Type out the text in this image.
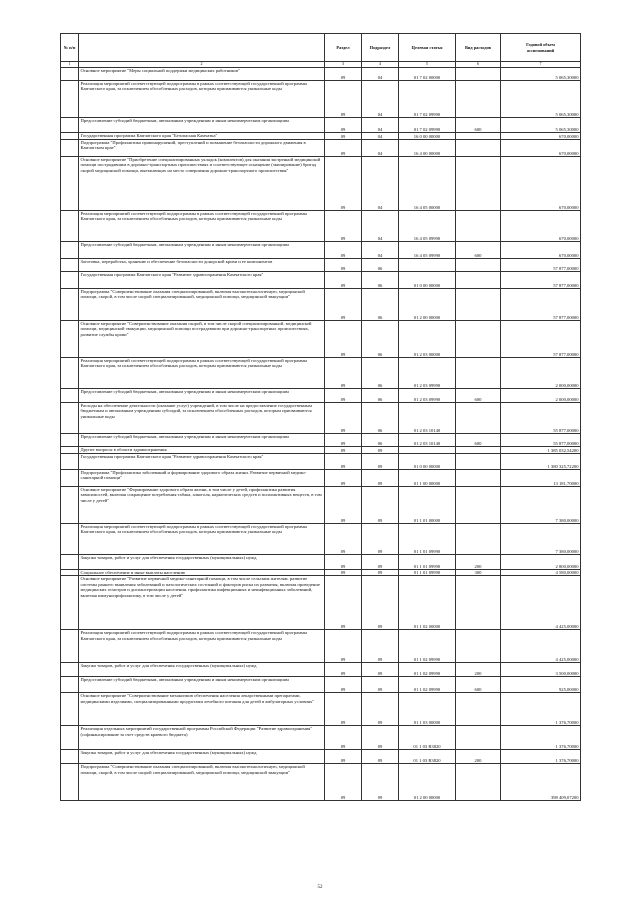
№ п/п		Раздел	Подраздел	Целевая статья	Вид расходов	Годовой объем
ассигнований
1	2	3	4	5	6	7
	Основное мероприятие "Меры социальной поддержки медицинских работников"	09	04	01 7 02 00000		5 065,30000
	Реализация мероприятий соответствующей подпрограммы в рамках соответствующей государственной программы Камчатского края, за исключением обособленных расходов, которым присваиваются уникальные коды	09	04	01 7 02 09990		5 065,30000
	Предоставление субсидий бюджетным, автономным учреждениям и иным некоммерческим организациям	09	04	01 7 02 09990	600	5 065,30000
	Государственная программа Камчатского края "Безопасная Камчатка"	09	04	16 0 00 00000		670,00000
	Подпрограмма "Профилактика правонарушений, преступлений и повышение безопасности дорожного движения в Камчатском крае"	09	04	16 4 00 00000		670,00000
	Основное мероприятие "Приобретение специализированных укладок (комплектов) для оказания экстренной медицинской помощи пострадавшим в дорожно-транспортных происшествиях и соответствующее оснащение (экипирование) бригад скорой медицинской помощи, выезжающих на место совершения дорожно-транспортного происшествия"	09	04	16 4 05 00000		670,00000
	Реализация мероприятий соответствующей подпрограммы в рамках соответствующей государственной программы Камчатского края, за исключением обособленных расходов, которым присваиваются уникальные коды	09	04	16 4 05 09990		670,00000
	Предоставление субсидий бюджетным, автономным учреждениям и иным некоммерческим организациям	09	04	16 4 05 09990	600	670,00000
	Заготовка, переработка, хранение и обеспечение безопасности донорской крови и ее компонентов	09	06			57 877,00000
	Государственная программа Камчатского края "Развитие здравоохранения Камчатского края"	09	06	01 0 00 00000		57 877,00000
	Подпрограмма "Совершенствование оказания специализированной, включая высокотехнологичную, медицинской помощи, скорой, в том числе скорой специализированной, медицинской помощи, медицинской эвакуации"	09	06	01 2 00 00000		57 877,00000
	Основное мероприятие "Совершенствование оказания скорой, в том числе скорой специализированной, медицинской помощи, медицинской эвакуации, медицинской помощи пострадавшим при дорожно-транспортных происшествиях, развитие службы крови"	09	06	01 2 03 00000		57 877,00000
	Реализация мероприятий соответствующей подпрограммы в рамках соответствующей государственной программы Камчатского края, за исключением обособленных расходов, которым присваиваются уникальные коды	09	06	01 2 03 09990		2 000,00000
	Предоставление субсидий бюджетным, автономным учреждениям и иным некоммерческим организациям	09	06	01 2 03 09990	600	2 000,00000
	Расходы на обеспечение деятельности (оказание услуг) учреждений, в том числе на предоставление государственным бюджетным и автономным учреждениям субсидий, за исключением обособленных расходов, которым присваиваются уникальные коды	09	06	01 2 03 10140		55 877,00000
	Предоставление субсидий бюджетным, автономным учреждениям и иным некоммерческим организациям	09	06	01 2 03 10140	600	55 877,00000
	Другие вопросы в области здравоохранения	09	09			1 385 032,54200
	Государственная программа Камчатского края "Развитие здравоохранения Камчатского края"	09	09	01 0 00 00000		1 380 325,72200
	Подпрограмма "Профилактика заболеваний и формирование здорового образа жизни. Развитие первичной медико-санитарной помощи"	09	09	01 1 00 00000		13 181,70000
	Основное мероприятие "Формирование здорового образа жизни, в том числе у детей, профилактика развития зависимостей, включая сокращение потребления табака, алкоголя, наркотических средств и психоактивных веществ, в том числе у детей"	09	09	01 1 01 00000		7 380,00000
	Реализация мероприятий соответствующей подпрограммы в рамках соответствующей государственной программы Камчатского края, за исключением обособленных расходов, которым присваиваются уникальные коды	09	09	01 1 01 09990		7 380,00000
	Закупка товаров, работ и услуг для обеспечения государственных (муниципальных) нужд	09	09	01 1 01 09990	200	2 800,00000
	Социальное обеспечение и иные выплаты населению	09	09	01 1 01 09990	300	4 580,00000
	Основное мероприятие "Развитие первичной медико-санитарной помощи, в том числе сельским жителям. развитие системы раннего выявления заболеваний и патологических состояний и факторов риска их развития, включая проведение медицинских осмотров и диспансеризации населения. профилактика инфекционных и неинфекционных заболеваний, включая иммунопрофилактику, в том числе у детей"	09	09	01 1 02 00000		4 425,00000
	Реализация мероприятий соответствующей подпрограммы в рамках соответствующей государственной программы Камчатского края, за исключением обособленных расходов, которым присваиваются уникальные коды	09	09	01 1 02 09990		4 425,00000
	Закупка товаров, работ и услуг для обеспечения государственных (муниципальных) нужд	09	09	01 1 02 09990	200	3 500,00000
	Предоставление субсидий бюджетным, автономным учреждениям и иным некоммерческим организациям	09	09	01 1 02 09990	600	925,00000
	Основное мероприятие "Совершенствование механизмов обеспечения населения лекарственными препаратами, медицинскими изделиями, специализированными продуктами лечебного питания для детей в амбулаторных условиях"	09	09	01 1 03 00000		1 376,70000
	Реализация отдельных мероприятий государственной программы Российской Федерации "Развитие здравоохранения" (софинансирование за счет средств краевого бюджета)	09	09	01 1 03 R3820		1 376,70000
	Закупка товаров, работ и услуг для обеспечения государственных (муниципальных) нужд	09	09	01 1 03 R3820	200	1 376,70000
	Подпрограмма "Совершенствование оказания специализированной, включая высокотехнологичную, медицинской помощи, скорой, в том числе скорой специализированной, медицинской помощи, медицинской эвакуации"	09	09	01 2 00 00000		398 409,07200
52
